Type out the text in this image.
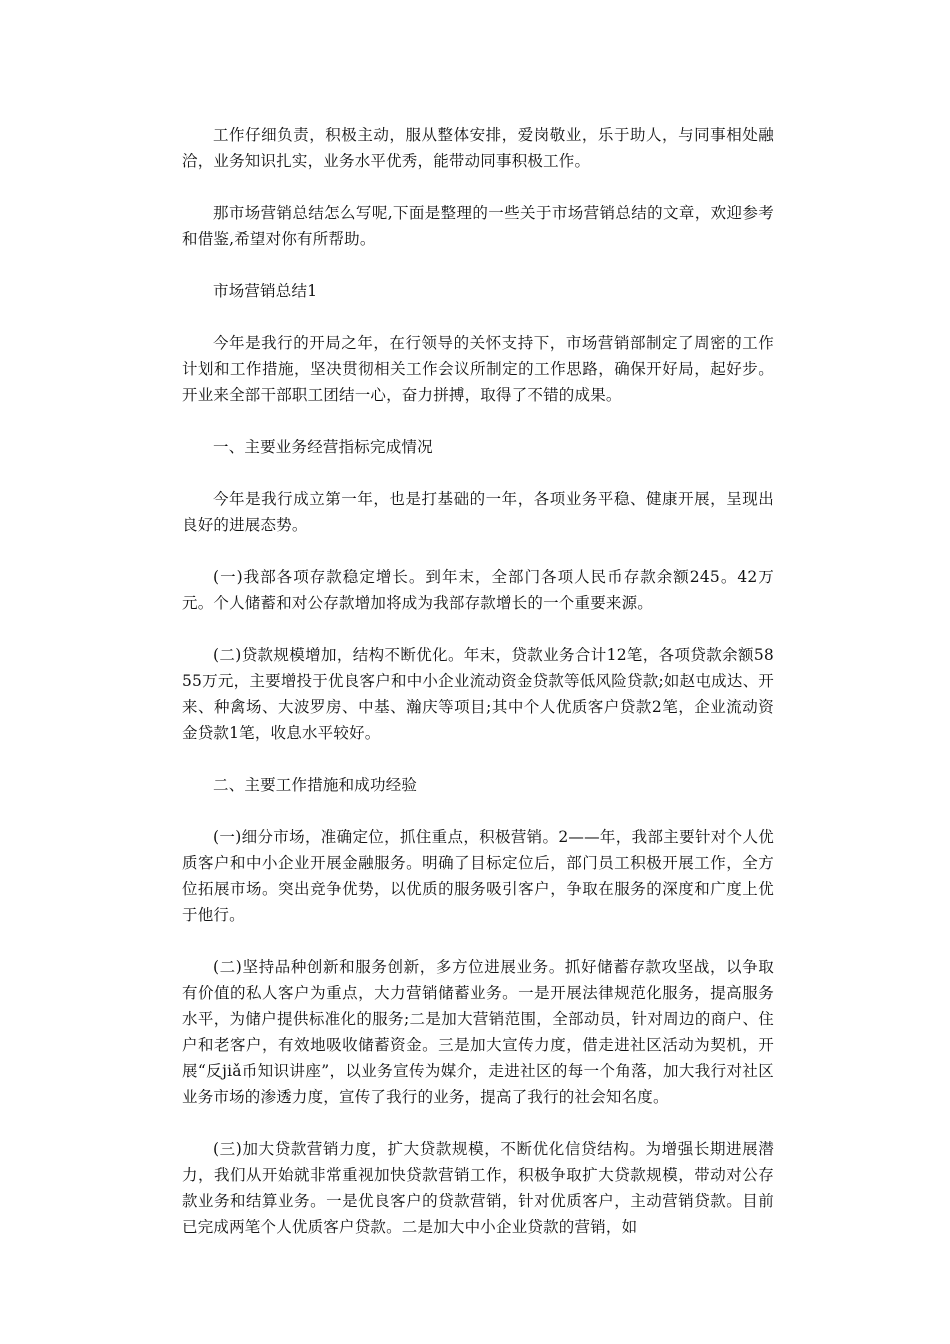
工作仔细负责，积极主动，服从整体安排，爱岗敬业，乐于助人，与同事相处融洽，业务知识扎实，业务水平优秀，能带动同事积极工作。

那市场营销总结怎么写呢,下面是整理的一些关于市场营销总结的文章，欢迎参考和借鉴,希望对你有所帮助。

市场营销总结1

今年是我行的开局之年，在行领导的关怀支持下，市场营销部制定了周密的工作计划和工作措施，坚决贯彻相关工作会议所制定的工作思路，确保开好局，起好步。开业来全部干部职工团结一心，奋力拼搏，取得了不错的成果。

一、主要业务经营指标完成情况

今年是我行成立第一年，也是打基础的一年，各项业务平稳、健康开展，呈现出良好的进展态势。

(一)我部各项存款稳定增长。到年末，全部门各项人民币存款余额245。42万元。个人储蓄和对公存款增加将成为我部存款增长的一个重要来源。

(二)贷款规模增加，结构不断优化。年末，贷款业务合计12笔，各项贷款余额5855万元，主要增投于优良客户和中小企业流动资金贷款等低风险贷款;如赵屯成达、开来、种禽场、大波罗房、中基、瀚庆等项目;其中个人优质客户贷款2笔，企业流动资金贷款1笔，收息水平较好。

二、主要工作措施和成功经验

(一)细分市场，准确定位，抓住重点，积极营销。2——年，我部主要针对个人优质客户和中小企业开展金融服务。明确了目标定位后，部门员工积极开展工作，全方位拓展市场。突出竞争优势，以优质的服务吸引客户，争取在服务的深度和广度上优于他行。

(二)坚持品种创新和服务创新，多方位进展业务。抓好储蓄存款攻坚战，以争取有价值的私人客户为重点，大力营销储蓄业务。一是开展法律规范化服务，提高服务水平，为储户提供标准化的服务;二是加大营销范围，全部动员，针对周边的商户、住户和老客户，有效地吸收储蓄资金。三是加大宣传力度，借走进社区活动为契机，开展“反jiǎ币知识讲座”，以业务宣传为媒介，走进社区的每一个角落，加大我行对社区业务市场的渗透力度，宣传了我行的业务，提高了我行的社会知名度。

(三)加大贷款营销力度，扩大贷款规模，不断优化信贷结构。为增强长期进展潜力，我们从开始就非常重视加快贷款营销工作，积极争取扩大贷款规模，带动对公存款业务和结算业务。一是优良客户的贷款营销，针对优质客户，主动营销贷款。目前已完成两笔个人优质客户贷款。二是加大中小企业贷款的营销，如
